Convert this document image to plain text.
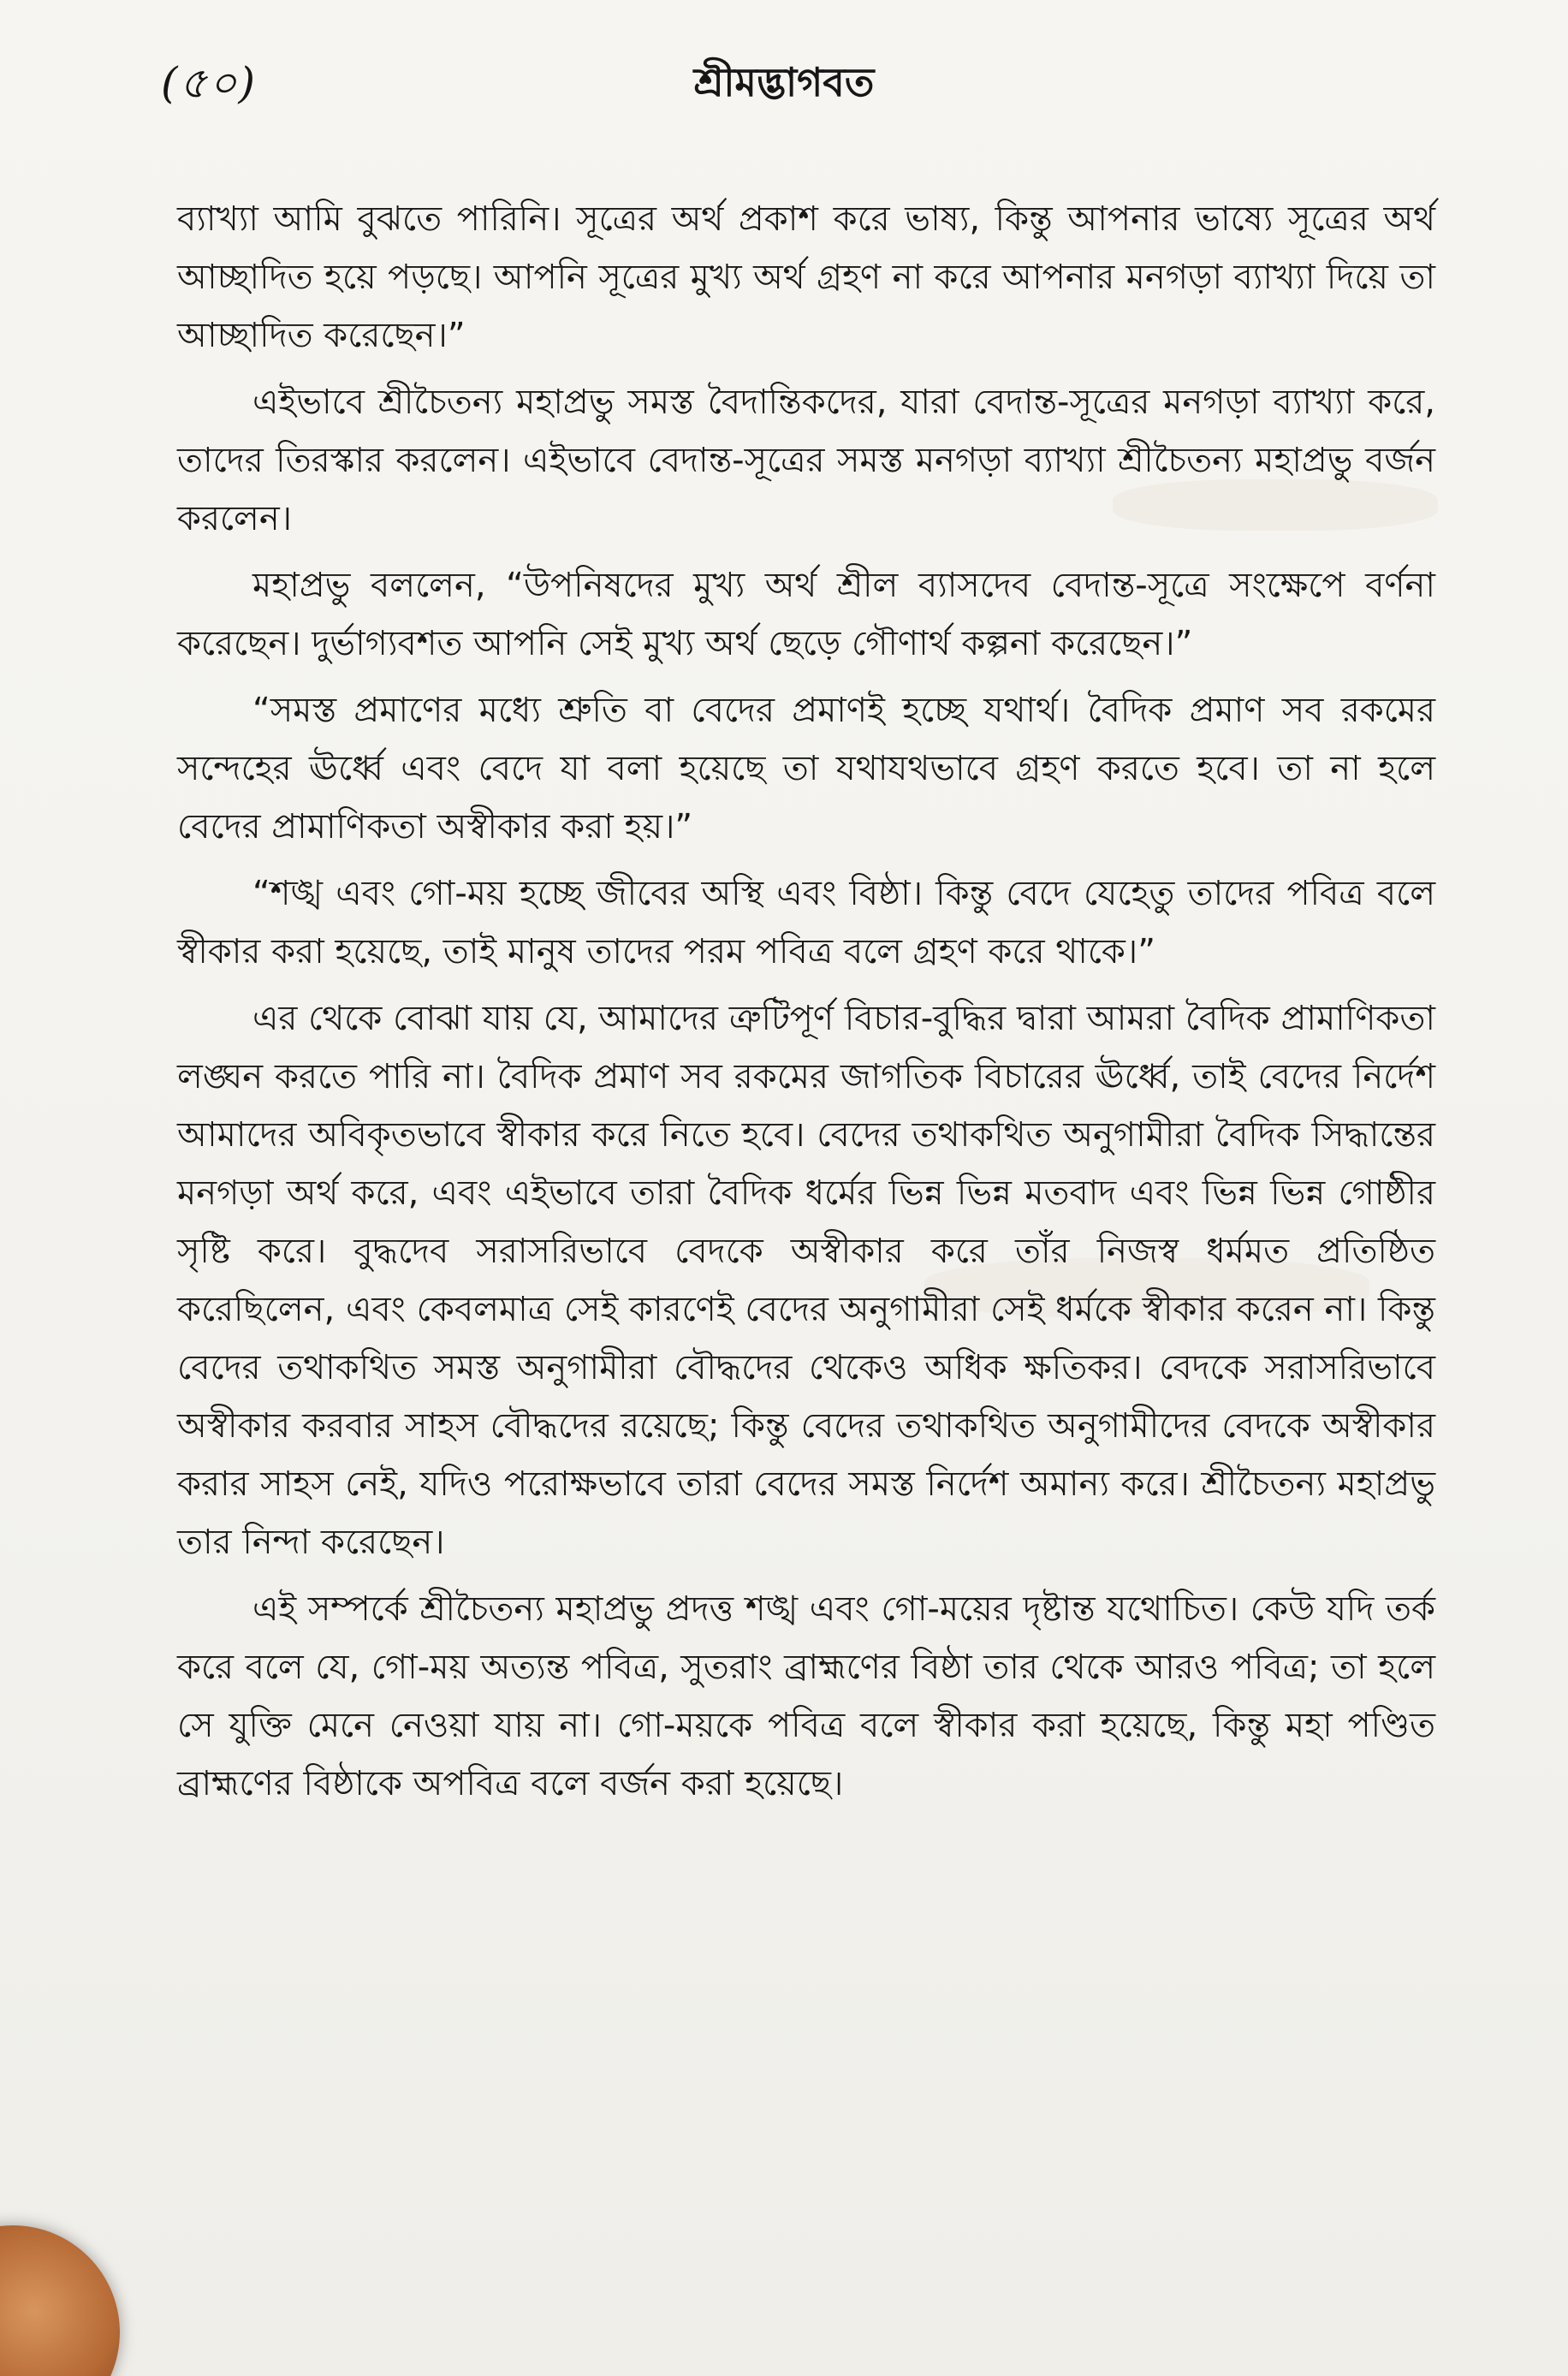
(৫০)	শ্রীমদ্ভাগবত

ব্যাখ্যা আমি বুঝতে পারিনি। সূত্রের অর্থ প্রকাশ করে ভাষ্য, কিন্তু আপনার ভাষ্যে সূত্রের অর্থ আচ্ছাদিত হয়ে পড়ছে। আপনি সূত্রের মুখ্য অর্থ গ্রহণ না করে আপনার মনগড়া ব্যাখ্যা দিয়ে তা আচ্ছাদিত করেছেন।”

এইভাবে শ্রীচৈতন্য মহাপ্রভু সমস্ত বৈদান্তিকদের, যারা বেদান্ত-সূত্রের মনগড়া ব্যাখ্যা করে, তাদের তিরস্কার করলেন। এইভাবে বেদান্ত-সূত্রের সমস্ত মনগড়া ব্যাখ্যা শ্রীচৈতন্য মহাপ্রভু বর্জন করলেন।

মহাপ্রভু বললেন, “উপনিষদের মুখ্য অর্থ শ্রীল ব্যাসদেব বেদান্ত-সূত্রে সংক্ষেপে বর্ণনা করেছেন। দুর্ভাগ্যবশত আপনি সেই মুখ্য অর্থ ছেড়ে গৌণার্থ কল্পনা করেছেন।”

“সমস্ত প্রমাণের মধ্যে শ্রুতি বা বেদের প্রমাণই হচ্ছে যথার্থ। বৈদিক প্রমাণ সব রকমের সন্দেহের ঊর্ধ্বে এবং বেদে যা বলা হয়েছে তা যথাযথভাবে গ্রহণ করতে হবে। তা না হলে বেদের প্রামাণিকতা অস্বীকার করা হয়।”

“শঙ্খ এবং গো-ময় হচ্ছে জীবের অস্থি এবং বিষ্ঠা। কিন্তু বেদে যেহেতু তাদের পবিত্র বলে স্বীকার করা হয়েছে, তাই মানুষ তাদের পরম পবিত্র বলে গ্রহণ করে থাকে।”

এর থেকে বোঝা যায় যে, আমাদের ত্রুটিপূর্ণ বিচার-বুদ্ধির দ্বারা আমরা বৈদিক প্রামাণিকতা লঙ্ঘন করতে পারি না। বৈদিক প্রমাণ সব রকমের জাগতিক বিচারের ঊর্ধ্বে, তাই বেদের নির্দেশ আমাদের অবিকৃতভাবে স্বীকার করে নিতে হবে। বেদের তথাকথিত অনুগামীরা বৈদিক সিদ্ধান্তের মনগড়া অর্থ করে, এবং এইভাবে তারা বৈদিক ধর্মের ভিন্ন ভিন্ন মতবাদ এবং ভিন্ন ভিন্ন গোষ্ঠীর সৃষ্টি করে। বুদ্ধদেব সরাসরিভাবে বেদকে অস্বীকার করে তাঁর নিজস্ব ধর্মমত প্রতিষ্ঠিত করেছিলেন, এবং কেবলমাত্র সেই কারণেই বেদের অনুগামীরা সেই ধর্মকে স্বীকার করেন না। কিন্তু বেদের তথাকথিত সমস্ত অনুগামীরা বৌদ্ধদের থেকেও অধিক ক্ষতিকর। বেদকে সরাসরিভাবে অস্বীকার করবার সাহস বৌদ্ধদের রয়েছে; কিন্তু বেদের তথাকথিত অনুগামীদের বেদকে অস্বীকার করার সাহস নেই, যদিও পরোক্ষভাবে তারা বেদের সমস্ত নির্দেশ অমান্য করে। শ্রীচৈতন্য মহাপ্রভু তার নিন্দা করেছেন।

এই সম্পর্কে শ্রীচৈতন্য মহাপ্রভু প্রদত্ত শঙ্খ এবং গো-ময়ের দৃষ্টান্ত যথোচিত। কেউ যদি তর্ক করে বলে যে, গো-ময় অত্যন্ত পবিত্র, সুতরাং ব্রাহ্মণের বিষ্ঠা তার থেকে আরও পবিত্র; তা হলে সে যুক্তি মেনে নেওয়া যায় না। গো-ময়কে পবিত্র বলে স্বীকার করা হয়েছে, কিন্তু মহা পণ্ডিত ব্রাহ্মণের বিষ্ঠাকে অপবিত্র বলে বর্জন করা হয়েছে।
